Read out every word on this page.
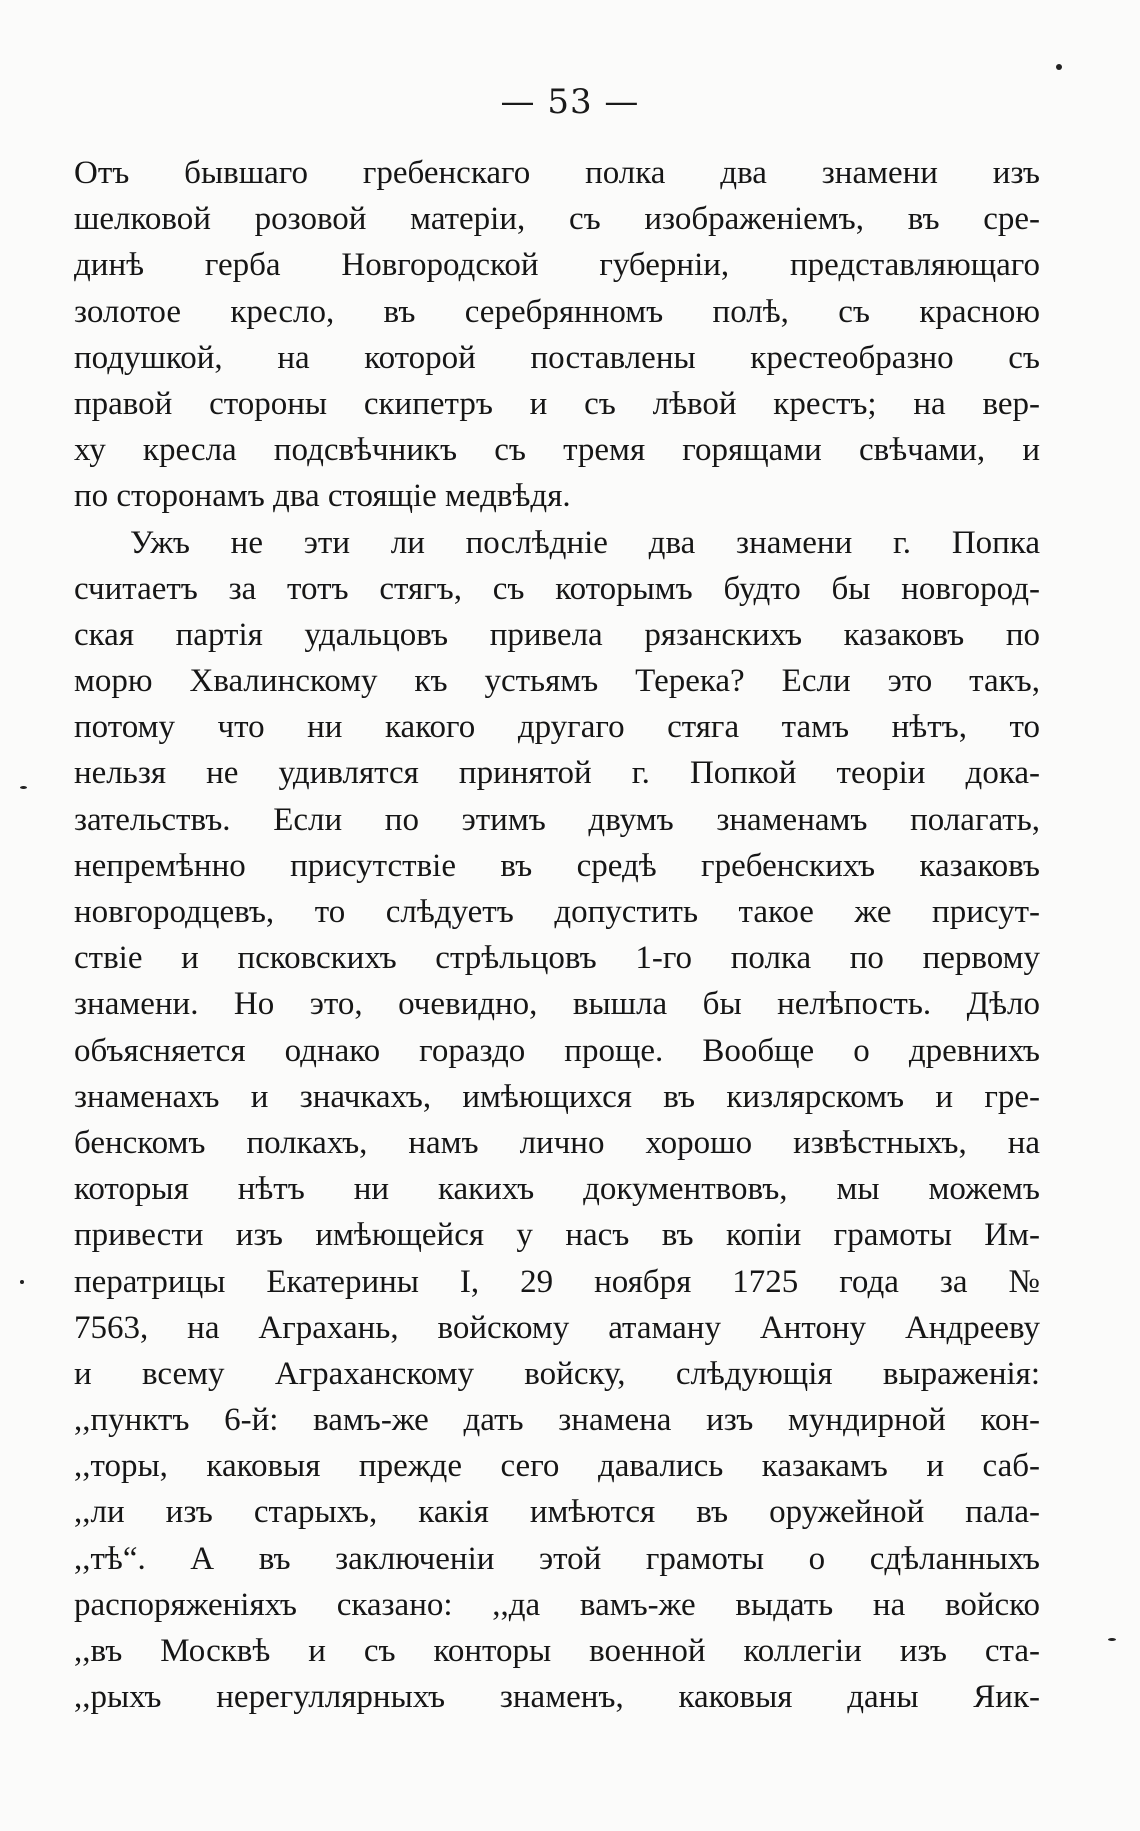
— 53 —
Отъ бывшаго гребенскаго полка два знамени изъ
шелковой розовой матеріи, съ изображеніемъ, въ сре-
динѣ герба Новгородской губерніи, представляющаго
золотое кресло, въ серебрянномъ полѣ, съ красною
подушкой, на которой поставлены крестеобразно съ
правой стороны скипетръ и съ лѣвой крестъ; на вер-
ху кресла подсвѣчникъ съ тремя горящами свѣчами, и
по сторонамъ два стоящіе медвѣдя.
Ужъ не эти ли послѣдніе два знамени г. Попка
считаетъ за тотъ стягъ, съ которымъ будто бы новгород-
ская партія удальцовъ привела рязанскихъ казаковъ по
морю Хвалинскому къ устьямъ Терека? Если это такъ,
потому что ни какого другаго стяга тамъ нѣтъ, то
нельзя не удивлятся принятой г. Попкой теоріи дока-
зательствъ. Если по этимъ двумъ знаменамъ полагать,
непремѣнно присутствіе въ средѣ гребенскихъ казаковъ
новгородцевъ, то слѣдуетъ допустить такое же присут-
ствіе и псковскихъ стрѣльцовъ 1-го полка по первому
знамени. Но это, очевидно, вышла бы нелѣпость. Дѣло
объясняется однако гораздо проще. Вообще о древнихъ
знаменахъ и значкахъ, имѣющихся въ кизлярскомъ и гре-
бенскомъ полкахъ, намъ лично хорошо извѣстныхъ, на
которыя нѣтъ ни какихъ документвовъ, мы можемъ
привести изъ имѣющейся у насъ въ копіи грамоты Им-
ператрицы Екатерины I, 29 ноября 1725 года за №
7563, на Аграхань, войскому атаману Антону Андрееву
и всему Аграханскому войску, слѣдующія выраженія:
,,пунктъ 6-й: вамъ-же дать знамена изъ мундирной кон-
,,торы, каковыя прежде сего давались казакамъ и саб-
,,ли изъ старыхъ, какія имѣются въ оружейной пала-
,,тѣ“. А въ заключеніи этой грамоты о сдѣланныхъ
распоряженіяхъ сказано: ,,да вамъ-же выдать на войско
,,въ Москвѣ и съ конторы военной коллегіи изъ ста-
,,рыхъ нерегуллярныхъ знаменъ, каковыя даны Яик-
